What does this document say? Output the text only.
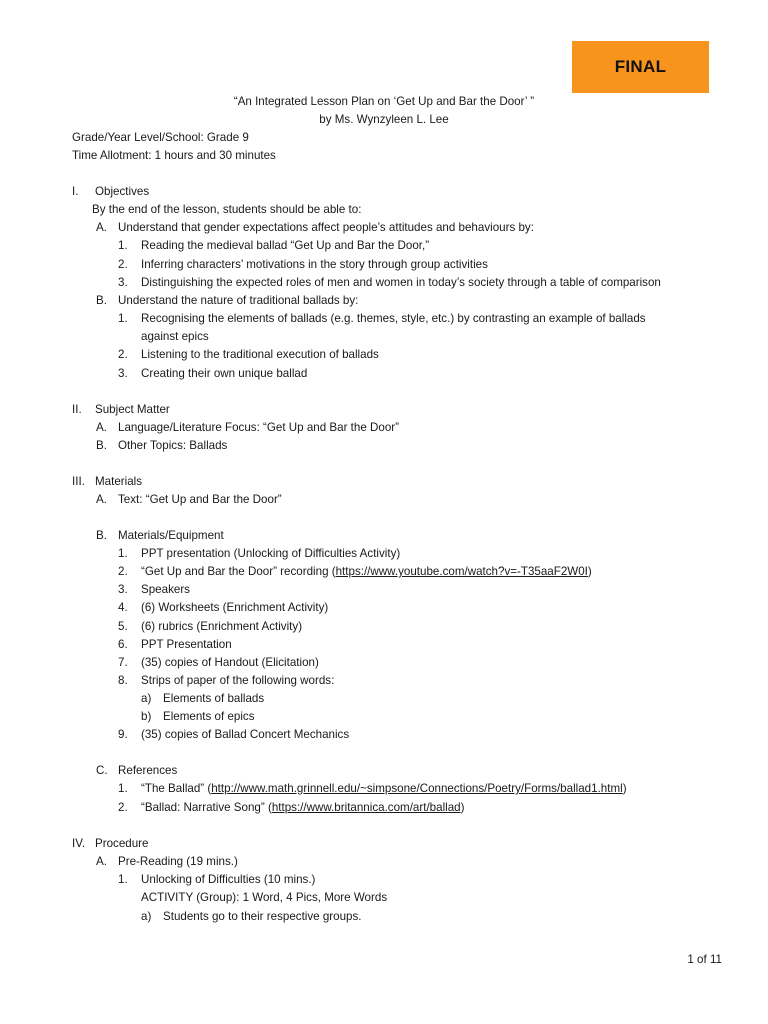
FINAL
“An Integrated Lesson Plan on ‘Get Up and Bar the Door’ ”
by Ms. Wynzyleen L. Lee
Grade/Year Level/School: Grade 9
Time Allotment: 1 hours and 30 minutes
I. Objectives
By the end of the lesson, students should be able to:
A. Understand that gender expectations affect people’s attitudes and behaviours by:
1. Reading the medieval ballad “Get Up and Bar the Door,”
2. Inferring characters’ motivations in the story through group activities
3. Distinguishing the expected roles of men and women in today’s society through a table of comparison
B. Understand the nature of traditional ballads by:
1. Recognising the elements of ballads (e.g. themes, style, etc.) by contrasting an example of ballads
against epics
2. Listening to the traditional execution of ballads
3. Creating their own unique ballad
II. Subject Matter
A. Language/Literature Focus: “Get Up and Bar the Door”
B. Other Topics: Ballads
III. Materials
A. Text: “Get Up and Bar the Door”
B. Materials/Equipment
1. PPT presentation (Unlocking of Difficulties Activity)
2. “Get Up and Bar the Door” recording (https://www.youtube.com/watch?v=-T35aaF2W0I)
3. Speakers
4. (6) Worksheets (Enrichment Activity)
5. (6) rubrics (Enrichment Activity)
6. PPT Presentation
7. (35) copies of Handout (Elicitation)
8. Strips of paper of the following words:
a) Elements of ballads
b) Elements of epics
9. (35) copies of Ballad Concert Mechanics
C. References
1. “The Ballad” (http://www.math.grinnell.edu/~simpsone/Connections/Poetry/Forms/ballad1.html)
2. “Ballad: Narrative Song” (https://www.britannica.com/art/ballad)
IV. Procedure
A. Pre-Reading (19 mins.)
1. Unlocking of Difficulties (10 mins.)
ACTIVITY (Group): 1 Word, 4 Pics, More Words
a) Students go to their respective groups.
1 of 11
